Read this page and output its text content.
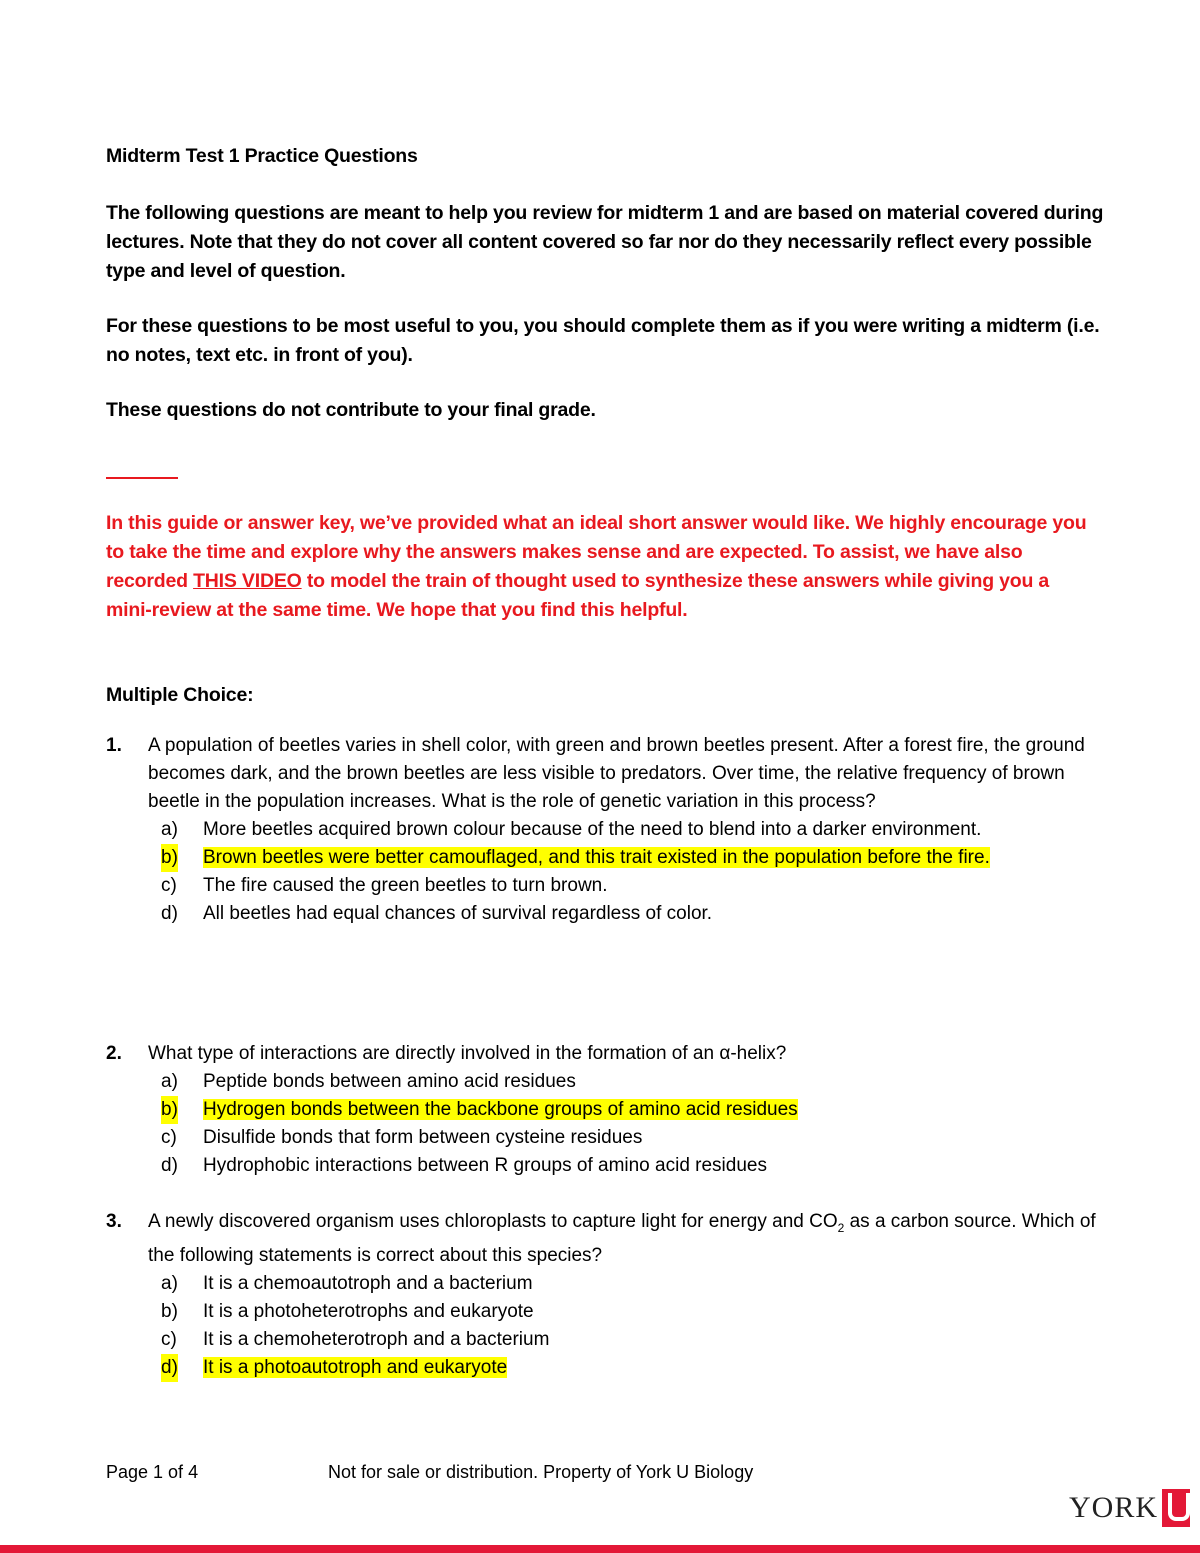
Midterm Test 1 Practice Questions
The following questions are meant to help you review for midterm 1 and are based on material covered during lectures. Note that they do not cover all content covered so far nor do they necessarily reflect every possible type and level of question.
For these questions to be most useful to you, you should complete them as if you were writing a midterm (i.e. no notes, text etc. in front of you).
These questions do not contribute to your final grade.
In this guide or answer key, we’ve provided what an ideal short answer would like. We highly encourage you to take the time and explore why the answers makes sense and are expected. To assist, we have also recorded THIS VIDEO to model the train of thought used to synthesize these answers while giving you a mini-review at the same time. We hope that you find this helpful.
Multiple Choice:
1. A population of beetles varies in shell color, with green and brown beetles present. After a forest fire, the ground becomes dark, and the brown beetles are less visible to predators. Over time, the relative frequency of brown beetle in the population increases. What is the role of genetic variation in this process?
a) More beetles acquired brown colour because of the need to blend into a darker environment.
b) Brown beetles were better camouflaged, and this trait existed in the population before the fire.
c) The fire caused the green beetles to turn brown.
d) All beetles had equal chances of survival regardless of color.
2. What type of interactions are directly involved in the formation of an α-helix?
a) Peptide bonds between amino acid residues
b) Hydrogen bonds between the backbone groups of amino acid residues
c) Disulfide bonds that form between cysteine residues
d) Hydrophobic interactions between R groups of amino acid residues
3. A newly discovered organism uses chloroplasts to capture light for energy and $CO_2$ as a carbon source. Which of the following statements is correct about this species?
a) It is a chemoautotroph and a bacterium
b) It is a photoheterotrophs and eukaryote
c) It is a chemoheterotroph and a bacterium
d) It is a photoautotroph and eukaryote
Page 1 of 4	Not for sale or distribution. Property of York U Biology
YORK
